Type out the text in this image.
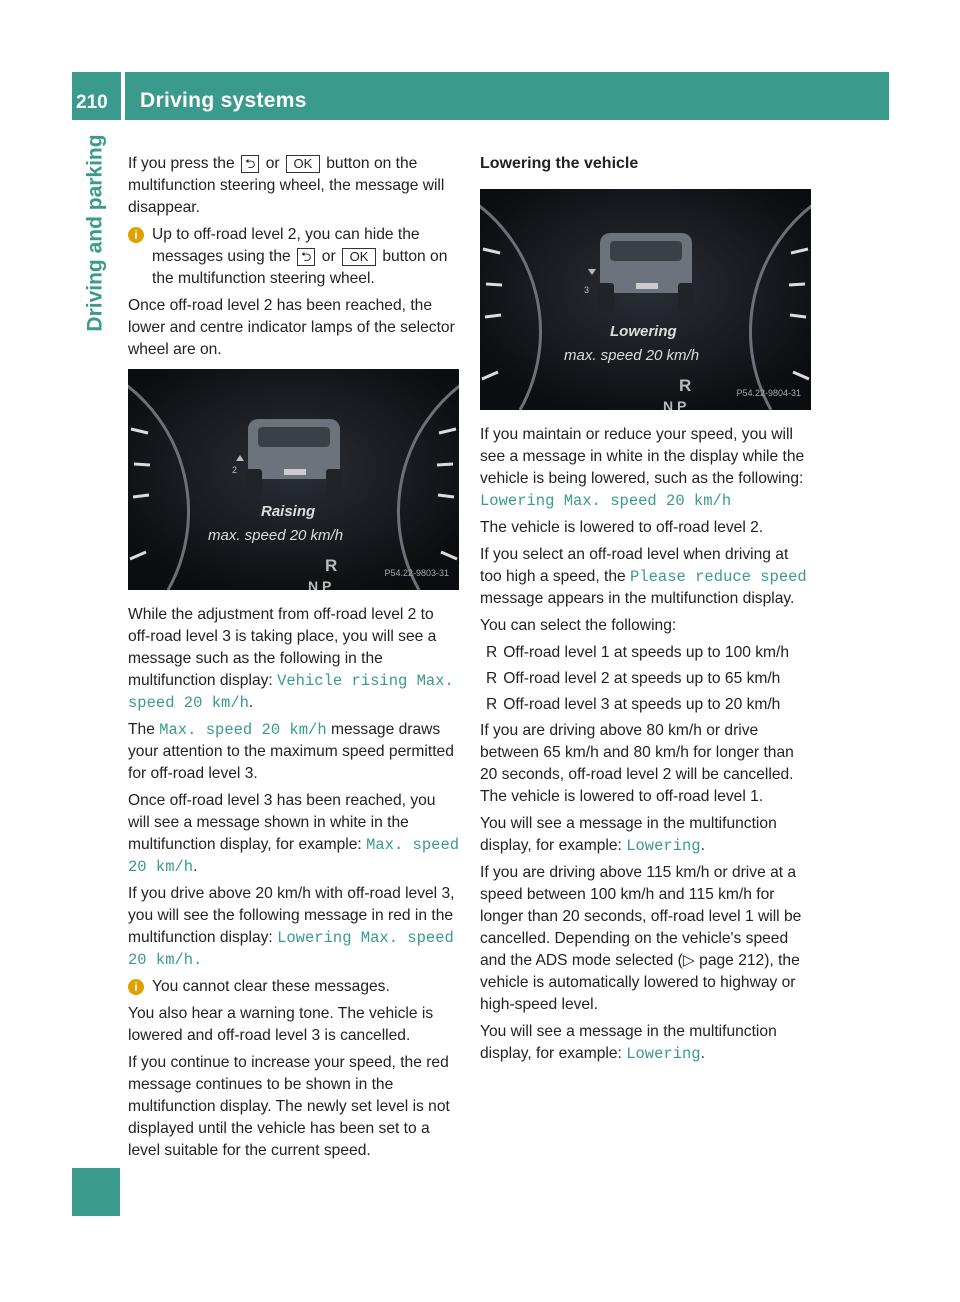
210	Driving systems
Driving and parking If you press the ⮌ or  OK  button on the multifunction steering wheel, the message will disappear.

i Up to off-road level 2, you can hide the messages using the ⮌ or  OK  button on the multifunction steering wheel.

Once off-road level 2 has been reached, the lower and centre indicator lamps of the selector wheel are on.

2
Raising
max. speed 20 km/h
R
N P
P54.22-9803-31

While the adjustment from off-road level 2 to off-road level 3 is taking place, you will see a message such as the following in the multifunction display: Vehicle rising Max. speed 20 km/h.

The Max. speed 20 km/h message draws your attention to the maximum speed permitted for off-road level 3.

Once off-road level 3 has been reached, you will see a message shown in white in the multifunction display, for example: Max. speed 20 km/h.

If you drive above 20 km/h with off-road level 3, you will see the following message in red in the multifunction display: Lowering Max. speed 20 km/h.

i You cannot clear these messages.

You also hear a warning tone. The vehicle is lowered and off-road level 3 is cancelled.

If you continue to increase your speed, the red message continues to be shown in the multifunction display. The newly set level is not displayed until the vehicle has been set to a level suitable for the current speed.

Lowering the vehicle
3
Lowering
max. speed 20 km/h
R
N P
P54.22-9804-31

If you maintain or reduce your speed, you will see a message in white in the display while the vehicle is being lowered, such as the following: Lowering Max. speed 20 km/h

The vehicle is lowered to off-road level 2.

If you select an off-road level when driving at too high a speed, the Please reduce speed message appears in the multifunction display.

You can select the following:

R Off-road level 1 at speeds up to 100 km/h
R Off-road level 2 at speeds up to 65 km/h
R Off-road level 3 at speeds up to 20 km/h

If you are driving above 80 km/h or drive between 65 km/h and 80 km/h for longer than 20 seconds, off-road level 2 will be cancelled. The vehicle is lowered to off-road level 1.

You will see a message in the multifunction display, for example: Lowering.

If you are driving above 115 km/h or drive at a speed between 100 km/h and 115 km/h for longer than 20 seconds, off-road level 1 will be cancelled. Depending on the vehicle's speed and the ADS mode selected (▷ page 212), the vehicle is automatically lowered to highway or high-speed level.

You will see a message in the multifunction display, for example: Lowering.
